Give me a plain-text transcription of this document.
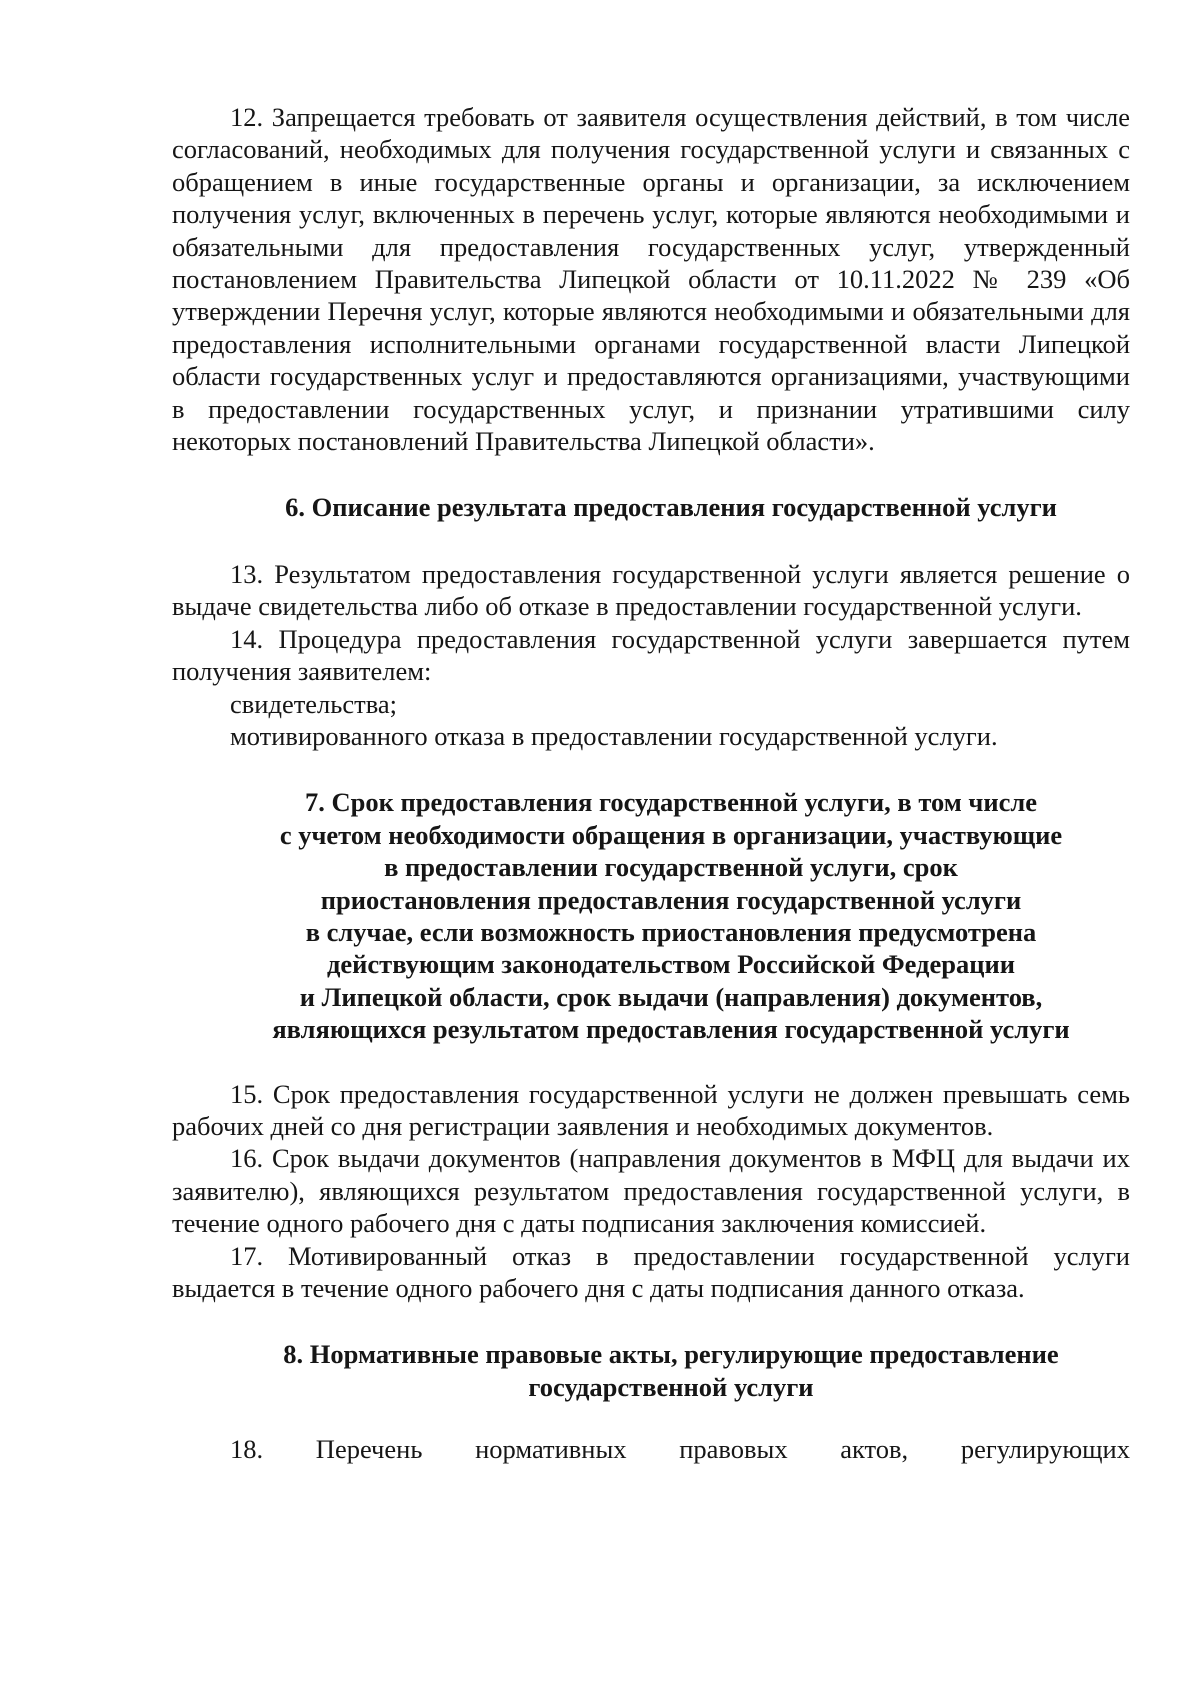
12. Запрещается требовать от заявителя осуществления действий, в том числе согласований, необходимых для получения государственной услуги и связанных с обращением в иные государственные органы и организации, за исключением получения услуг, включенных в перечень услуг, которые являются необходимыми и обязательными для предоставления государственных услуг, утвержденный постановлением Правительства Липецкой области от 10.11.2022 № 239 «Об утверждении Перечня услуг, которые являются необходимыми и обязательными для предоставления исполнительными органами государственной власти Липецкой области государственных услуг и предоставляются организациями, участвующими в предоставлении государственных услуг, и признании утратившими силу некоторых постановлений Правительства Липецкой области».

6. Описание результата предоставления государственной услуги

13. Результатом предоставления государственной услуги является решение о выдаче свидетельства либо об отказе в предоставлении государственной услуги.

14. Процедура предоставления государственной услуги завершается путем получения заявителем:

свидетельства;

мотивированного отказа в предоставлении государственной услуги.

7. Срок предоставления государственной услуги, в том числе
с учетом необходимости обращения в организации, участвующие
в предоставлении государственной услуги, срок
приостановления предоставления государственной услуги
в случае, если возможность приостановления предусмотрена
действующим законодательством Российской Федерации
и Липецкой области, срок выдачи (направления) документов,
являющихся результатом предоставления государственной услуги

15. Срок предоставления государственной услуги не должен превышать семь рабочих дней со дня регистрации заявления и необходимых документов.

16. Срок выдачи документов (направления документов в МФЦ для выдачи их заявителю), являющихся результатом предоставления государственной услуги, в течение одного рабочего дня с даты подписания заключения комиссией.

17. Мотивированный отказ в предоставлении государственной услуги выдается в течение одного рабочего дня с даты подписания данного отказа.

8. Нормативные правовые акты, регулирующие предоставление
государственной услуги

18. Перечень нормативных правовых актов, регулирующих
